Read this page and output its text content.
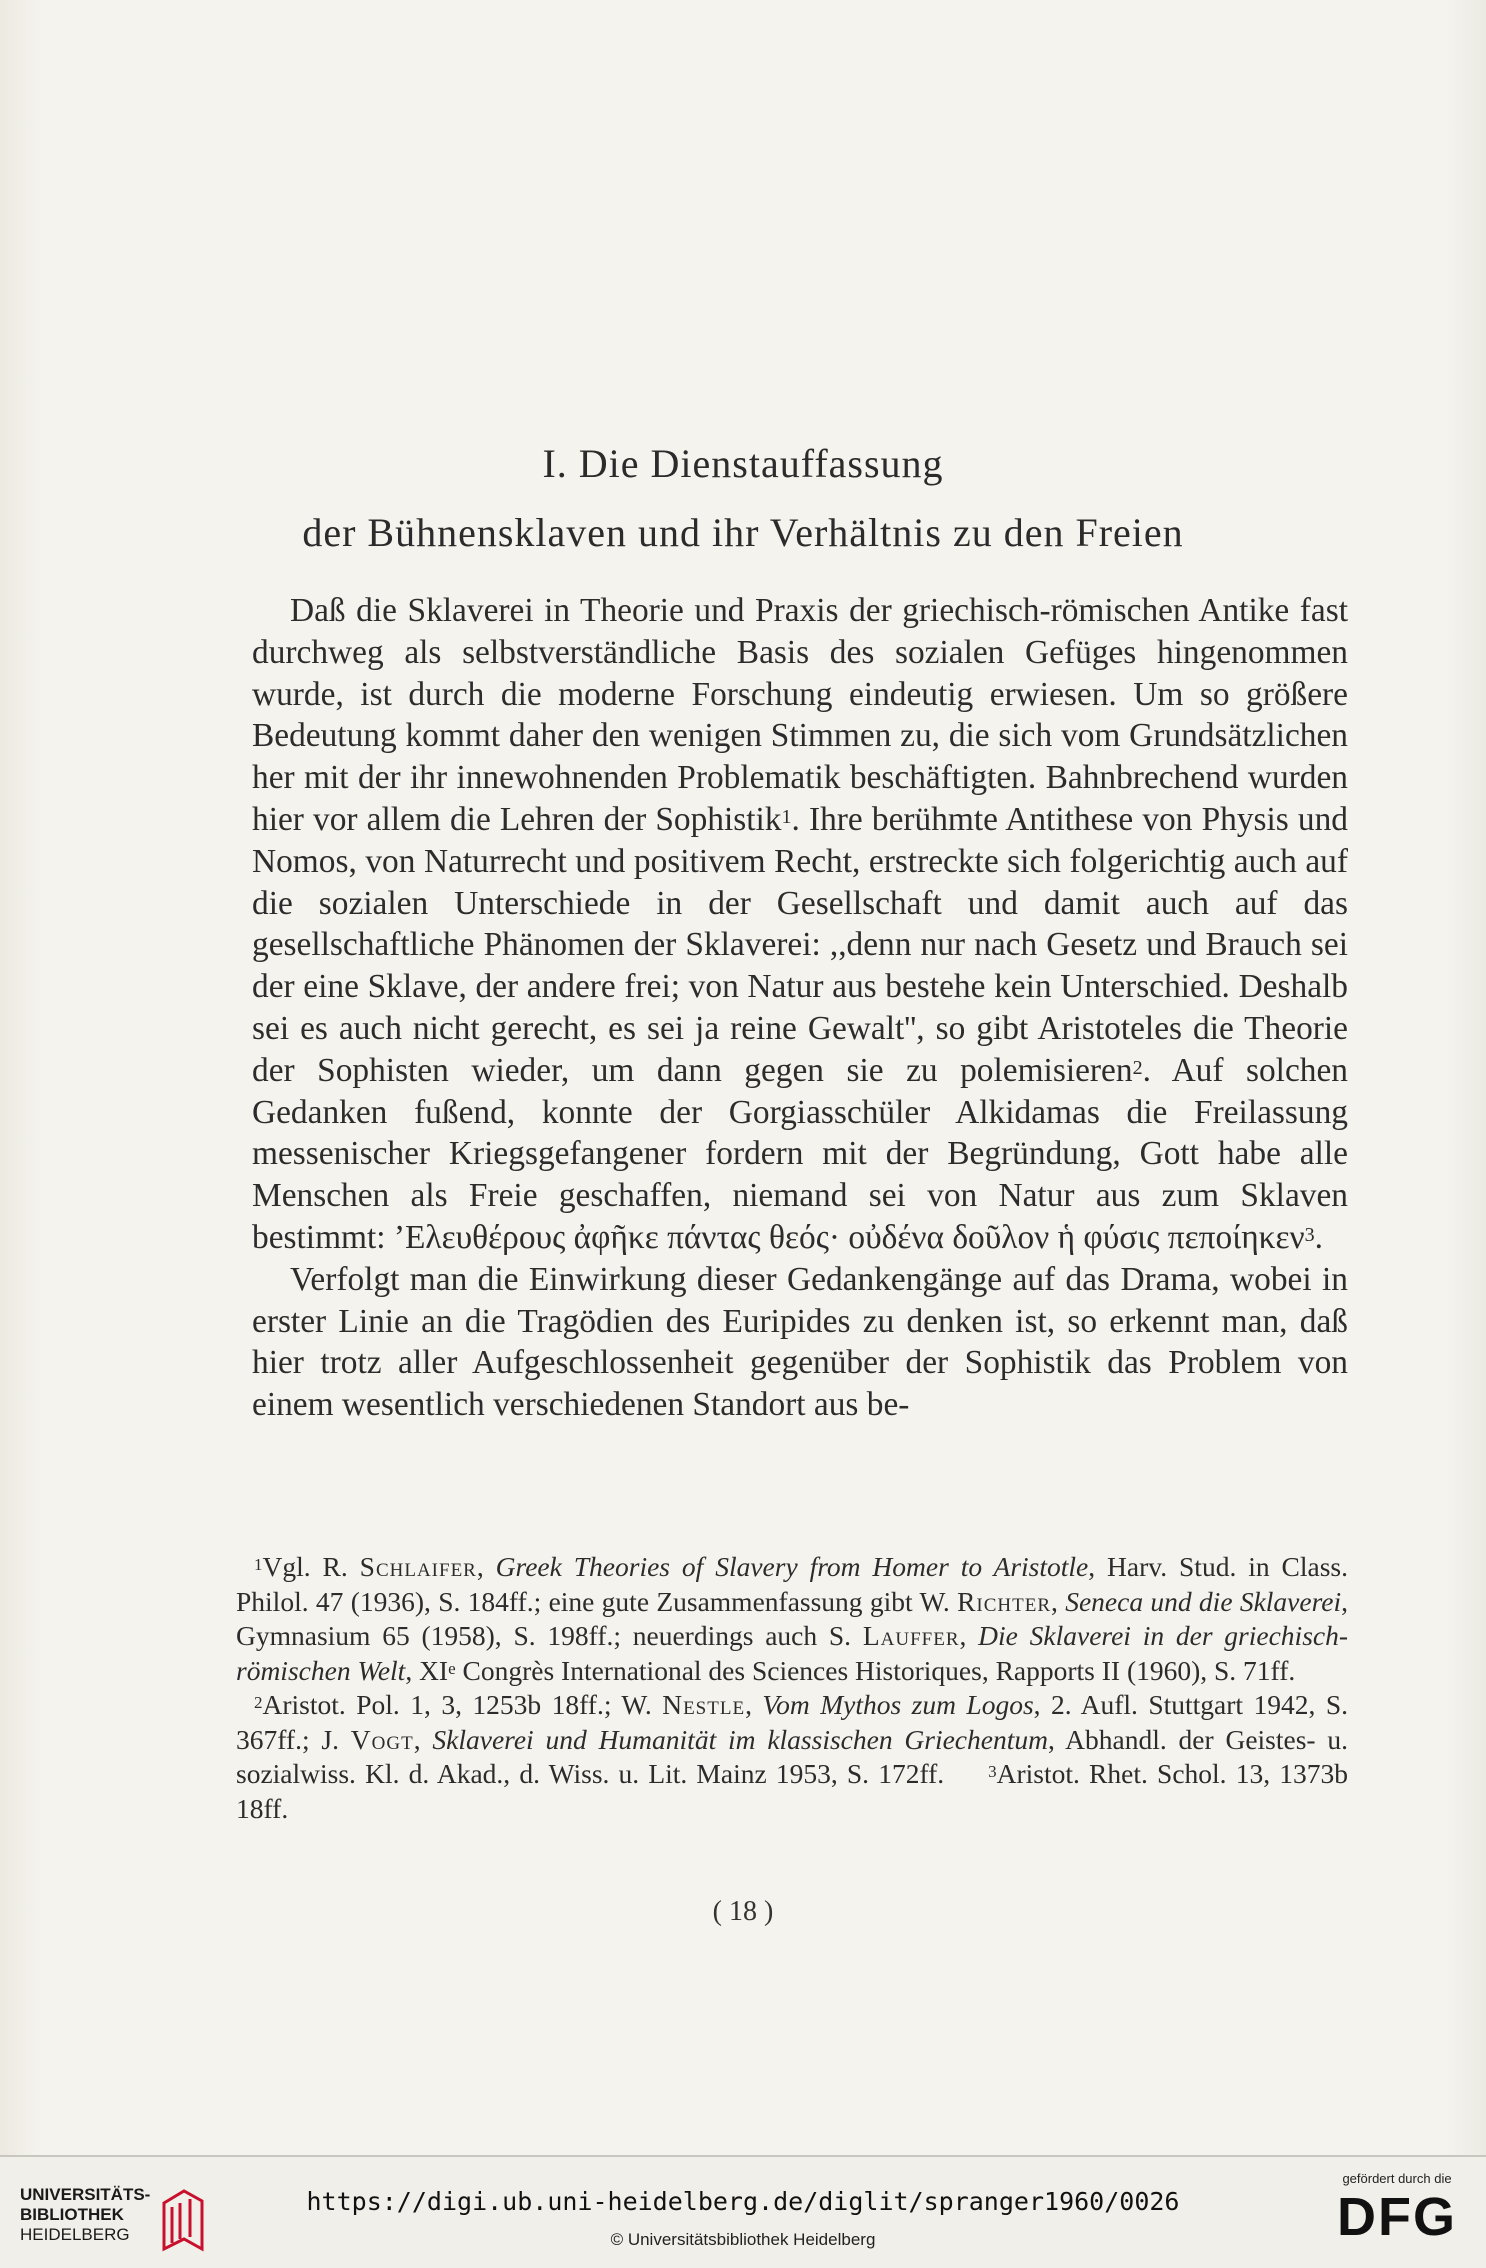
I. Die Dienstauffassung
der Bühnensklaven und ihr Verhältnis zu den Freien

Daß die Sklaverei in Theorie und Praxis der griechisch-römischen Antike fast durchweg als selbstverständliche Basis des sozialen Gefüges hingenommen wurde, ist durch die moderne Forschung eindeutig erwiesen. Um so größere Bedeutung kommt daher den wenigen Stimmen zu, die sich vom Grundsätzlichen her mit der ihr innewohnenden Problematik beschäftigten. Bahnbrechend wurden hier vor allem die Lehren der Sophistik$^1$. Ihre berühmte Antithese von Physis und Nomos, von Naturrecht und positivem Recht, erstreckte sich folgerichtig auch auf die sozialen Unterschiede in der Gesellschaft und damit auch auf das gesellschaftliche Phänomen der Sklaverei: ,,denn nur nach Gesetz und Brauch sei der eine Sklave, der andere frei; von Natur aus bestehe kein Unterschied. Deshalb sei es auch nicht gerecht, es sei ja reine Gewalt'', so gibt Aristoteles die Theorie der Sophisten wieder, um dann gegen sie zu polemisieren$^2$. Auf solchen Gedanken fußend, konnte der Gorgiasschüler Alkidamas die Freilassung messenischer Kriegsgefangener fordern mit der Begründung, Gott habe alle Menschen als Freie geschaffen, niemand sei von Natur aus zum Sklaven bestimmt: ’Ελευθέρους ἀφῆκε πάντας θεός· οὐδένα δοῦλον ἡ φύσις πεποίηκεν$^3$.

Verfolgt man die Einwirkung dieser Gedankengänge auf das Drama, wobei in erster Linie an die Tragödien des Euripides zu denken ist, so erkennt man, daß hier trotz aller Aufgeschlossenheit gegenüber der Sophistik das Problem von einem wesentlich verschiedenen Standort aus be-

$^1$Vgl. R. Schlaifer, Greek Theories of Slavery from Homer to Aristotle, Harv. Stud. in Class. Philol. 47 (1936), S. 184ff.; eine gute Zusammenfassung gibt W. Richter, Seneca und die Sklaverei, Gymnasium 65 (1958), S. 198ff.; neuerdings auch S. Lauffer, Die Sklaverei in der griechisch-römischen Welt, XIe Congrès International des Sciences Historiques, Rapports II (1960), S. 71ff.

$^2$Aristot. Pol. 1, 3, 1253b 18ff.; W. Nestle, Vom Mythos zum Logos, 2. Aufl. Stuttgart 1942, S. 367ff.; J. Vogt, Sklaverei und Humanität im klassischen Griechentum, Abhandl. der Geistes- u. sozialwiss. Kl. d. Akad., d. Wiss. u. Lit. Mainz 1953, S. 172ff.	$^3$Aristot. Rhet. Schol. 13, 1373b 18ff.

( 18 )
UNIVERSITÄTS-
BIBLIOTHEK
HEIDELBERG
https://digi.ub.uni-heidelberg.de/diglit/spranger1960/0026
© Universitätsbibliothek Heidelberg
gefördert durch die
DFG
